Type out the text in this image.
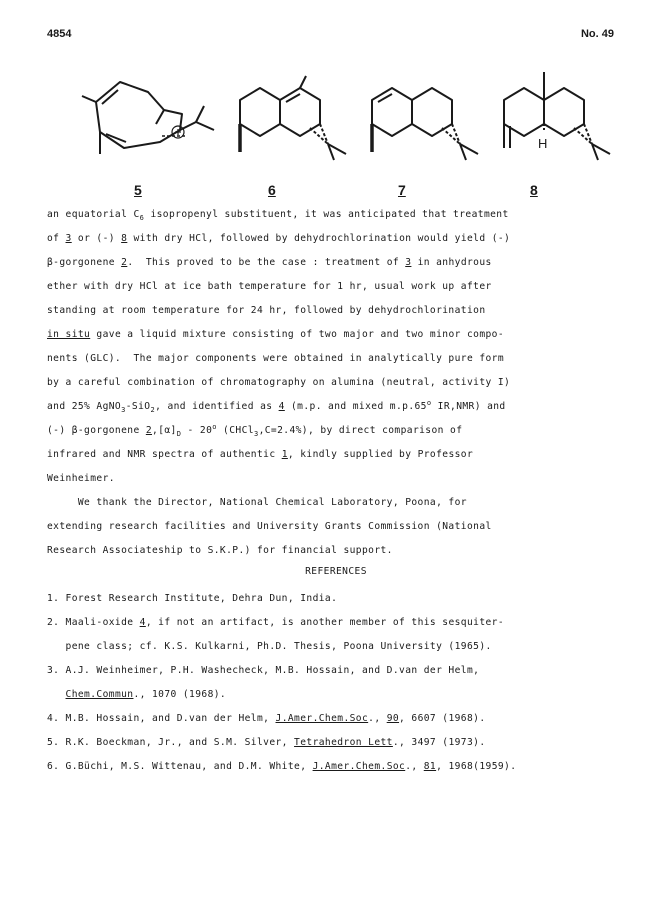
4854	No. 49
H
5	6	7	8
an equatorial $C_6$ isopropenyl substituent, it was anticipated that treatment
of 3 or (-) 8 with dry HCl, followed by dehydrochlorination would yield (-)
β-gorgonene 2.  This proved to be the case : treatment of 3 in anhydrous
ether with dry HCl at ice bath temperature for 1 hr, usual work up after
standing at room temperature for 24 hr, followed by dehydrochlorination
in situ gave a liquid mixture consisting of two major and two minor compo-
nents (GLC).  The major components were obtained in analytically pure form
by a careful combination of chromatography on alumina (neutral, activity I)
and 25% AgNO$_3$-SiO$_2$, and identified as 4 (m.p. and mixed m.p.65$^o$ IR,NMR) and
(-) β-gorgonene $2,[\alpha]_D - 20^o$ (CHCl$_3$,C=2.4%), by direct comparison of
infrared and NMR spectra of authentic 1, kindly supplied by Professor
Weinheimer.
We thank the Director, National Chemical Laboratory, Poona, for
extending research facilities and University Grants Commission (National
Research Associateship to S.K.P.) for financial support.
REFERENCES
1. Forest Research Institute, Dehra Dun, India.
2. Maali-oxide 4, if not an artifact, is another member of this sesquiter-
pene class; cf. K.S. Kulkarni, Ph.D. Thesis, Poona University (1965).
3. A.J. Weinheimer, P.H. Washecheck, M.B. Hossain, and D.van der Helm,
Chem.Commun., 1070 (1968).
4. M.B. Hossain, and D.van der Helm, J.Amer.Chem.Soc., 90, 6607 (1968).
5. R.K. Boeckman, Jr., and S.M. Silver, Tetrahedron Lett., 3497 (1973).
6. G.Büchi, M.S. Wittenau, and D.M. White, J.Amer.Chem.Soc., 81, 1968(1959).
